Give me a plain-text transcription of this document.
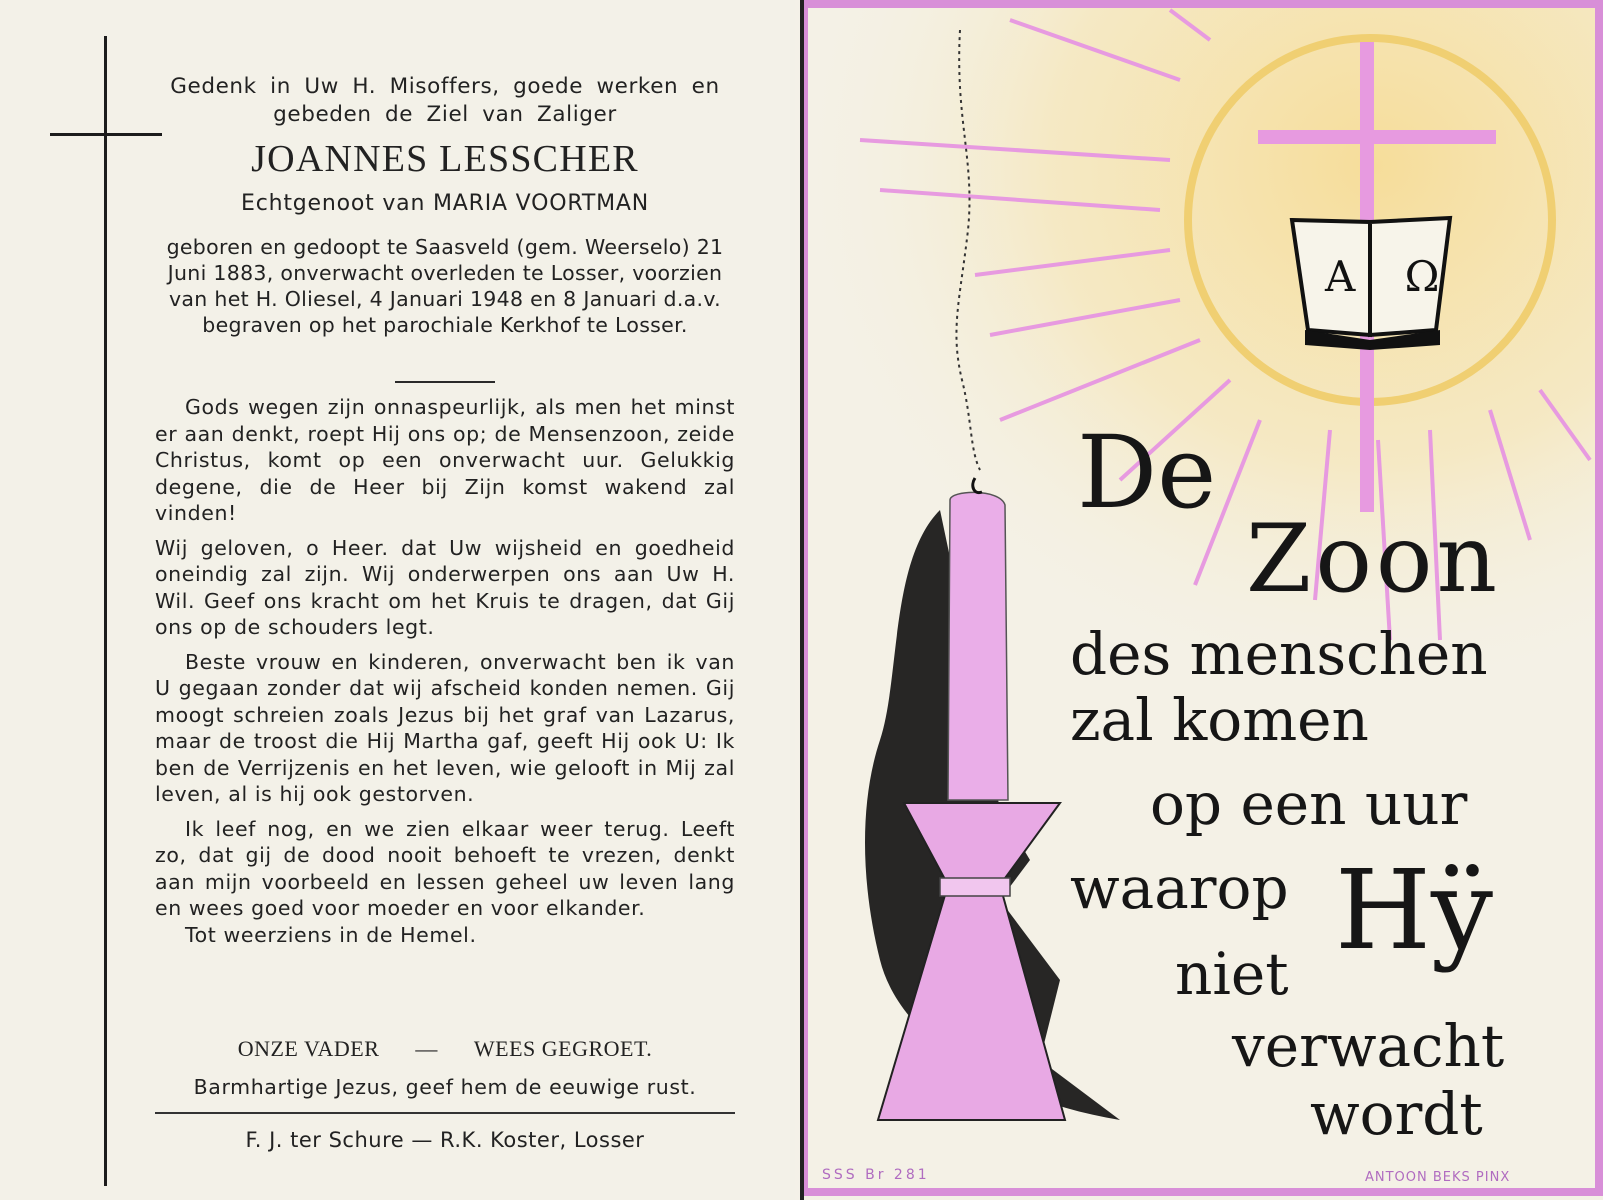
Gedenk in Uw H. Misoffers, goede werken en gebeden de Ziel van Zaliger
JOANNES LESSCHER
Echtgenoot van MARIA VOORTMAN
geboren en gedoopt te Saasveld (gem. Weerselo) 21 Juni 1883, onverwacht overleden te Losser, voorzien van het H. Oliesel, 4 Januari 1948 en 8 Januari d.a.v. begraven op het parochiale Kerkhof te Losser.

Gods wegen zijn onnaspeurlijk, als men het minst er aan denkt, roept Hij ons op; de Mensenzoon, zeide Christus, komt op een onverwacht uur. Gelukkig degene, die de Heer bij Zijn komst wakend zal vinden!

Wij geloven, o Heer. dat Uw wijsheid en goedheid oneindig zal zijn. Wij onderwerpen ons aan Uw H. Wil. Geef ons kracht om het Kruis te dragen, dat Gij ons op de schouders legt.

Beste vrouw en kinderen, onverwacht ben ik van U gegaan zonder dat wij afscheid konden nemen. Gij moogt schreien zoals Jezus bij het graf van Lazarus, maar de troost die Hij Martha gaf, geeft Hij ook U: Ik ben de Verrijzenis en het leven, wie gelooft in Mij zal leven, al is hij ook gestorven.

Ik leef nog, en we zien elkaar weer terug. Leeft zo, dat gij de dood nooit behoeft te vrezen, denkt aan mijn voorbeeld en lessen geheel uw leven lang en wees goed voor moeder en voor elkander.

Tot weerziens in de Hemel.

ONZE VADER — WEES GEGROET.
Barmhartige Jezus, geef hem de eeuwige rust.
F. J. ter Schure — R.K. Koster, Losser
A Ω
De
Zoon
des menschen
zal komen
op een uur
waarop Hÿ
niet
verwacht
wordt
SSS Br 281	ANTOON BEKS PINX
